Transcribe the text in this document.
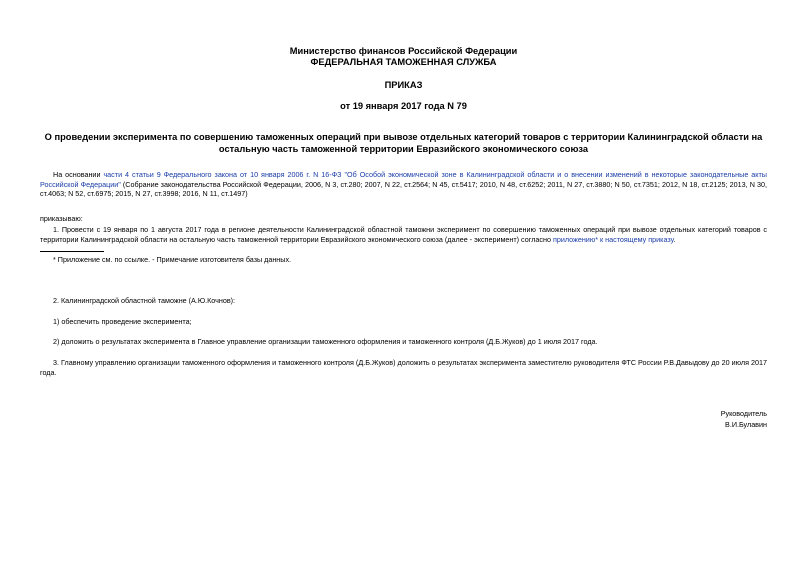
Министерство финансов Российской Федерации
ФЕДЕРАЛЬНАЯ ТАМОЖЕННАЯ СЛУЖБА
ПРИКАЗ
от 19 января 2017 года N 79
О проведении эксперимента по совершению таможенных операций при вывозе отдельных категорий товаров с территории Калининградской области на остальную часть таможенной территории Евразийского экономического союза
На основании части 4 статьи 9 Федерального закона от 10 января 2006 г. N 16-ФЗ "Об Особой экономической зоне в Калининградской области и о внесении изменений в некоторые законодательные акты Российской Федерации" (Собрание законодательства Российской Федерации, 2006, N 3, ст.280; 2007, N 22, ст.2564; N 45, ст.5417; 2010, N 48, ст.6252; 2011, N 27, ст.3880; N 50, ст.7351; 2012, N 18, ст.2125; 2013, N 30, ст.4063; N 52, ст.6975; 2015, N 27, ст.3998; 2016, N 11, ст.1497)
приказываю:
1. Провести с 19 января по 1 августа 2017 года в регионе деятельности Калининградской областной таможни эксперимент по совершению таможенных операций при вывозе отдельных категорий товаров с территории Калининградской области на остальную часть таможенной территории Евразийского экономического союза (далее - эксперимент) согласно приложению* к настоящему приказу.
* Приложение см. по ссылке. - Примечание изготовителя базы данных.
2. Калининградской областной таможне (А.Ю.Кочнов):
1) обеспечить проведение эксперимента;
2) доложить о результатах эксперимента в Главное управление организации таможенного оформления и таможенного контроля (Д.Б.Жуков) до 1 июля 2017 года.
3. Главному управлению организации таможенного оформления и таможенного контроля (Д.Б.Жуков) доложить о результатах эксперимента заместителю руководителя ФТС России Р.В.Давыдову до 20 июля 2017 года.
Руководитель
В.И.Булавин
